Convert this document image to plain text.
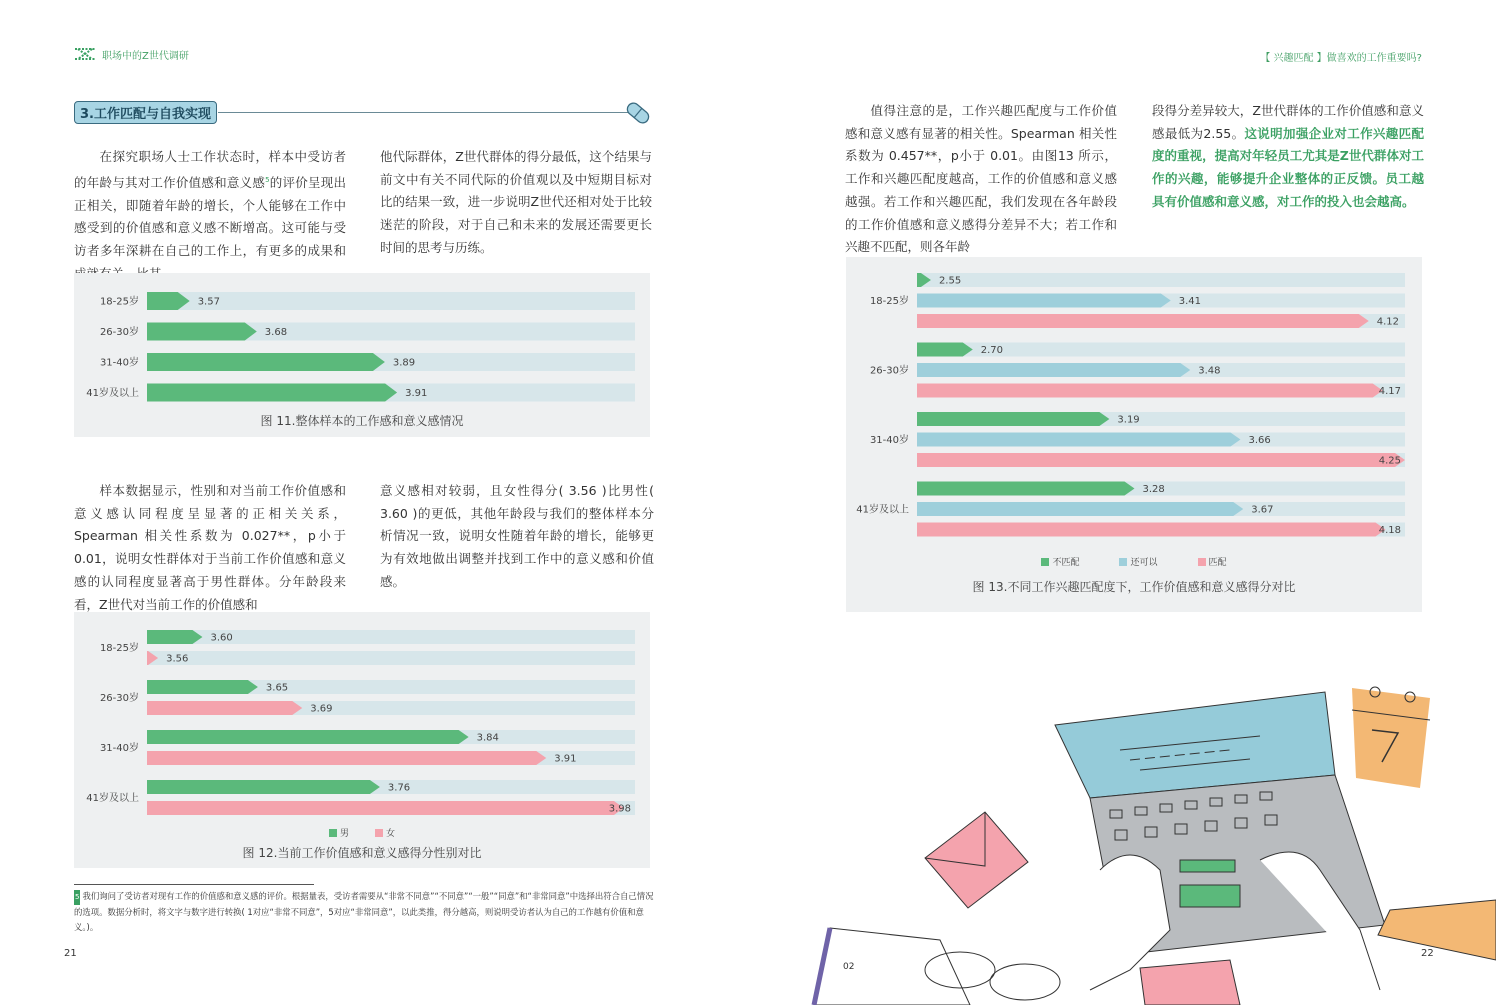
职场中的Z世代调研	【 兴趣匹配 】做喜欢的工作重要吗?
3.工作匹配与自我实现
在探究职场人士工作状态时，样本中受访者的年龄与其对工作价值感和意义感$^5$的评价呈现出正相关，即随着年龄的增长，个人能够在工作中感受到的价值感和意义感不断增高。这可能与受访者多年深耕在自己的工作上，有更多的成果和
他代际群体，Z世代群体的得分最低，这个结果与前文中有关不同代际的价值观以及中短期目标对比的结果一致，进一步说明Z世代还相对处于比较迷茫的阶段，对于自己和未来的发展还需要更长时间的思考与历练。
3.57
18-25岁
3.68
26-30岁
3.89
31-40岁
3.91
41岁及以上
图 11.整体样本的工作感和意义感情况
样本数据显示，性别和对当前工作价值感和意义感认同程度呈显著的正相关关系，Spearman 相关性系数为 0.027**，p小于 0.01，说明女性群体对于当前工作价值感和意义感的认同程度显著高于男性群体。分年龄段来看，Z世代对当前工作的价值感和
意义感相对较弱，且女性得分( 3.56 )比男性( 3.60 )的更低，其他年龄段与我们的整体样本分析情况一致，说明女性随着年龄的增长，能够更为有效地做出调整并找到工作中的意义感和价值感。
3.60
3.56
18-25岁
3.65
3.69
26-30岁
3.84
3.91
31-40岁
3.76
3.98
41岁及以上
男	女
图 12.当前工作价值感和意义感得分性别对比
5 我们询问了受访者对现有工作的价值感和意义感的评价。根据量表，受访者需要从“非常不同意”“不同意”“一般”“同意”和“非常同意”中选择出符合自己情况的选项。数据分析时，将文字与数字进行转换( 1对应“非常不同意”，5对应“非常同意”，以此类推，得分越高，则说明受访者认为自己的工作越有价值和意义。)。
21	22
值得注意的是，工作兴趣匹配度与工作价值感和意义感有显著的相关性。Spearman 相关性系数为 0.457**，p小于 0.01。由图13 所示，工作和兴趣匹配度越高，工作的价值感和意义感越强。若工作和兴趣匹配，我们发现在各年龄段的工作价值感和意义感得分差异不大；若工作和兴趣不匹配，则各年龄
段得分差异较大，Z世代群体的工作价值感和意义感最低为2.55。这说明加强企业对工作兴趣匹配度的重视，提高对年轻员工尤其是Z世代群体对工作的兴趣，能够提升企业整体的正反馈。员工越具有价值感和意义感，对工作的投入也会越高。
2.55
3.41
4.12
18-25岁
2.70
3.48
4.17
26-30岁
3.19
3.66
4.25
31-40岁
3.28
3.67
4.18
41岁及以上
不匹配	还可以	匹配
图 13.不同工作兴趣匹配度下，工作价值感和意义感得分对比
02
